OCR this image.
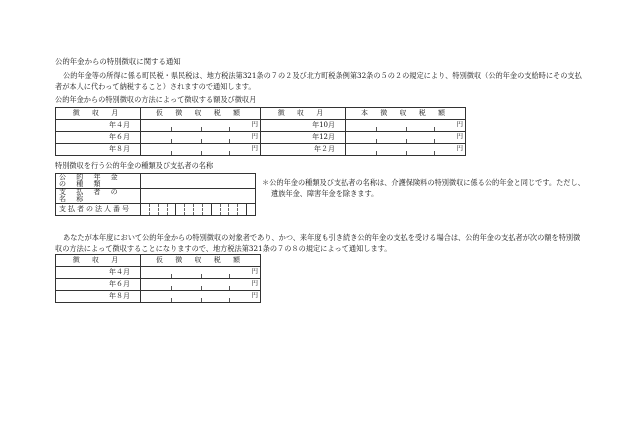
公的年金からの特別徴収に関する通知
公的年金等の所得に係る町民税・県民税は、地方税法第321条の７の２及び北方町税条例第32条の５の２の規定により、特別徴収（公的年金の支給時にその支払者が本人に代わって納税すること）されますので通知します。
公的年金からの特別徴収の方法によって徴収する額及び徴収月
徴 収 月	仮 徴 収 税 額	徴 収 月	本 徴 収 税 額
年４月	円	年10月	円

年６月	円	年12月	円

年８月	円	年２月	円
特別徴収を行う公的年金の種類及び支払者の名称
公 的 年 金 の 種 類	
支 払 者 の 名 称	
支払者の法人番号	
＊公的年金の種類及び支払者の名称は、介護保険料の特別徴収に係る公的年金と同じです。ただし、遺族年金、障害年金を除きます。
あなたが本年度において公的年金からの特別徴収の対象者であり、かつ、来年度も引き続き公的年金の支払を受ける場合は、公的年金の支払者が次の額を特別徴収の方法によって徴収することになりますので、地方税法第321条の７の８の規定によって通知します。
徴 収 月	仮 徴 収 税 額
年４月	円

年６月	円

年８月	円
